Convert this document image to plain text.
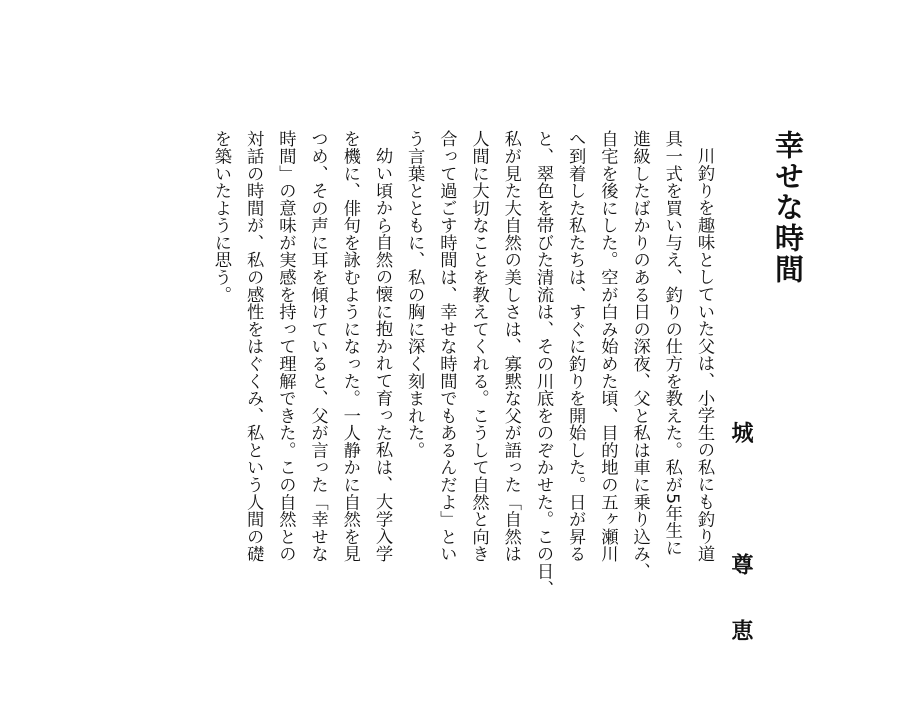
幸せな時間
城　尊恵
川釣りを趣味としていた父は、小学生の私にも釣り道
具一式を買い与え、釣りの仕方を教えた。私が5年生に
進級したばかりのある日の深夜、父と私は車に乗り込み、
自宅を後にした。空が白み始めた頃、目的地の五ヶ瀬川
へ到着した私たちは、すぐに釣りを開始した。日が昇る
と、翠色を帯びた清流は、その川底をのぞかせた。この日、
私が見た大自然の美しさは、寡黙な父が語った「自然は
人間に大切なことを教えてくれる。こうして自然と向き
合って過ごす時間は、幸せな時間でもあるんだよ」とい
う言葉とともに、私の胸に深く刻まれた。
幼い頃から自然の懐に抱かれて育った私は、大学入学
を機に、俳句を詠むようになった。一人静かに自然を見
つめ、その声に耳を傾けていると、父が言った「幸せな
時間」の意味が実感を持って理解できた。この自然との
対話の時間が、私の感性をはぐくみ、私という人間の礎
を築いたように思う。
